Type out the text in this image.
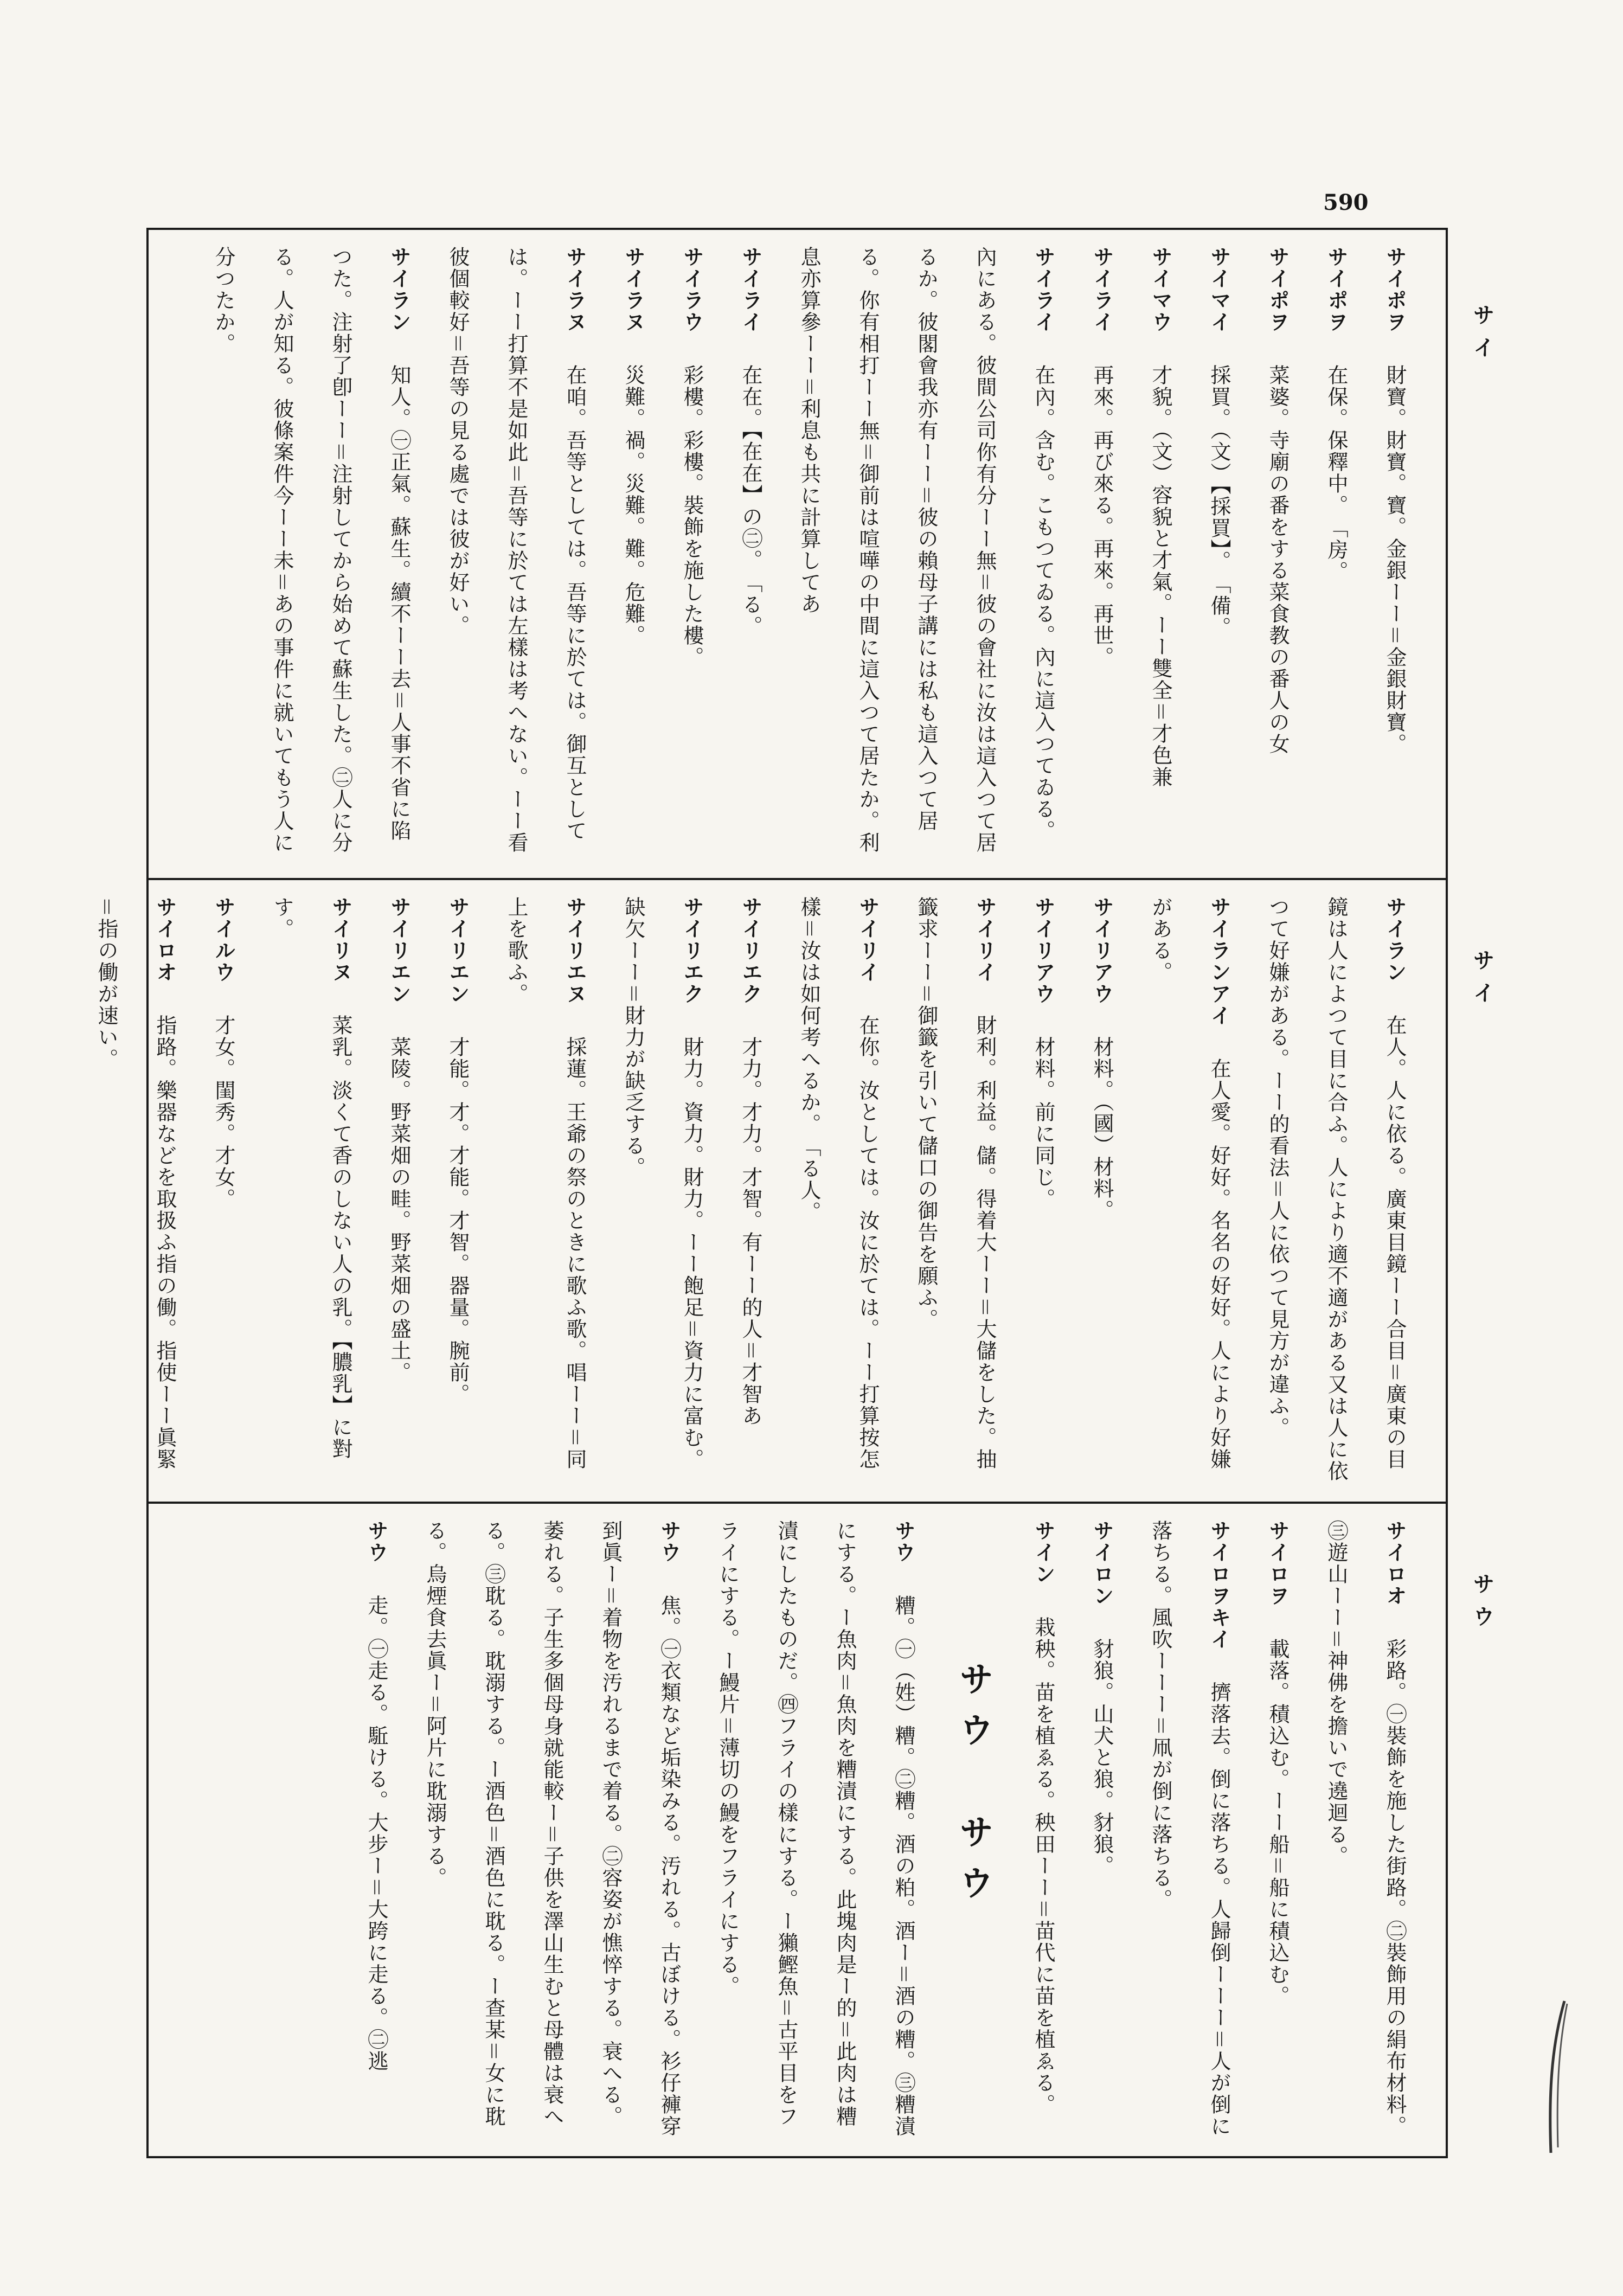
590
サイ
サイ
サウ

サイポヲ　財寶。財寶。寶。金銀ーー＝金銀財寶。

サイポヲ　在保。保釋中。　「房。

サイポヲ　菜婆。寺廟の番をする菜食教の番人の女

サイマイ　採買。（文）【採買】。　「備。

サイマウ　才貌。（文）容貌と才氣。ーー雙全＝才色兼

サイライ　再來。再び來る。再來。再世。

サイライ　在內。含む。こもつてゐる。內に這入つてゐる。內にある。彼間公司你有分ーー無＝彼の會社に汝は這入つて居るか。彼閣會我亦有ーー＝彼の賴母子講には私も這入つて居る。你有相打ーー無＝御前は喧嘩の中間に這入つて居たか。利息亦算參ーー＝利息も共に計算してあ

サイライ　在在。【在在】の㊁。　「る。

サイラウ　彩樓。彩樓。裝飾を施した樓。

サイラヌ　災難。禍。災難。難。危難。

サイラヌ　在咱。吾等としては。吾等に於ては。御互としては。ーー打算不是如此＝吾等に於ては左樣は考へない。ーー看彼個較好＝吾等の見る處では彼が好い。

サイラン　知人。㊀正氣。蘇生。續不ーー去＝人事不省に陷つた。注射了卽ーー＝注射してから始めて蘇生した。㊁人に分る。人が知る。彼條案件今ーー未＝あの事件に就いてもう人に分つたか。

サイラン　在人。人に依る。廣東目鏡ーー合目＝廣東の目鏡は人によつて目に合ふ。人により適不適がある又は人に依つて好嫌がある。ーー的看法＝人に依つて見方が違ふ。

サイランアイ　在人愛。好好。名名の好好。人により好嫌がある。

サイリアウ　材料。（國）材料。

サイリアウ　材料。前に同じ。

サイリイ　財利。利益。儲。得着大ーー＝大儲をした。抽籤求ーー＝御籤を引いて儲口の御告を願ふ。

サイリイ　在你。汝としては。汝に於ては。ーー打算按怎樣＝汝は如何考へるか。　「る人。

サイリエク　才力。才力。才智。有ーー的人＝才智あ

サイリエク　財力。資力。財力。ーー飽足＝資力に富む。缺欠ーー＝財力が缺乏する。

サイリエヌ　採蓮。王爺の祭のときに歌ふ歌。唱ーー＝同上を歌ふ。

サイリエン　才能。才。才能。才智。器量。腕前。

サイリエン　菜陵。野菜畑の畦。野菜畑の盛土。

サイリヌ　菜乳。淡くて香のしない人の乳。【膿乳】に對す。

サイルウ　才女。閨秀。才女。

サイロオ　指路。樂器などを取扱ふ指の働。指使ーー眞緊＝指の働が速い。

サイロオ　彩路。㊀裝飾を施した街路。㊁裝飾用の絹布材料。㊂遊山ーー＝神佛を擔いで遶迴る。

サイロヲ　載落。積込む。ーー船＝船に積込む。

サイロヲキイ　擠落去。倒に落ちる。人歸倒ーーー＝人が倒に落ちる。風吹ーーー＝凧が倒に落ちる。

サイロン　豺狼。山犬と狼。豺狼。

サイン　栽秧。苗を植ゑる。秧田ーー＝苗代に苗を植ゑる。

サウ　サウ

サウ　糟。㊀（姓）糟。㊁糟。酒の粕。酒ー＝酒の糟。㊂糟漬にする。ー魚肉＝魚肉を糟漬にする。此塊肉是ー的＝此肉は糟漬にしたものだ。㊃フライの樣にする。ー獺鰹魚＝古平目をフライにする。ー鰻片＝薄切の鰻をフライにする。

サウ　焦。㊀衣類など垢染みる。汚れる。古ぼける。衫仔褲穿到眞ー＝着物を汚れるまで着る。㊁容姿が憔悴する。衰へる。萎れる。子生多個母身就能較ー＝子供を澤山生むと母體は衰へる。㊂耽る。耽溺する。ー酒色＝酒色に耽る。ー查某＝女に耽る。烏煙食去眞ー＝阿片に耽溺する。

サウ　走。㊀走る。駈ける。大步ー＝大跨に走る。㊁逃
